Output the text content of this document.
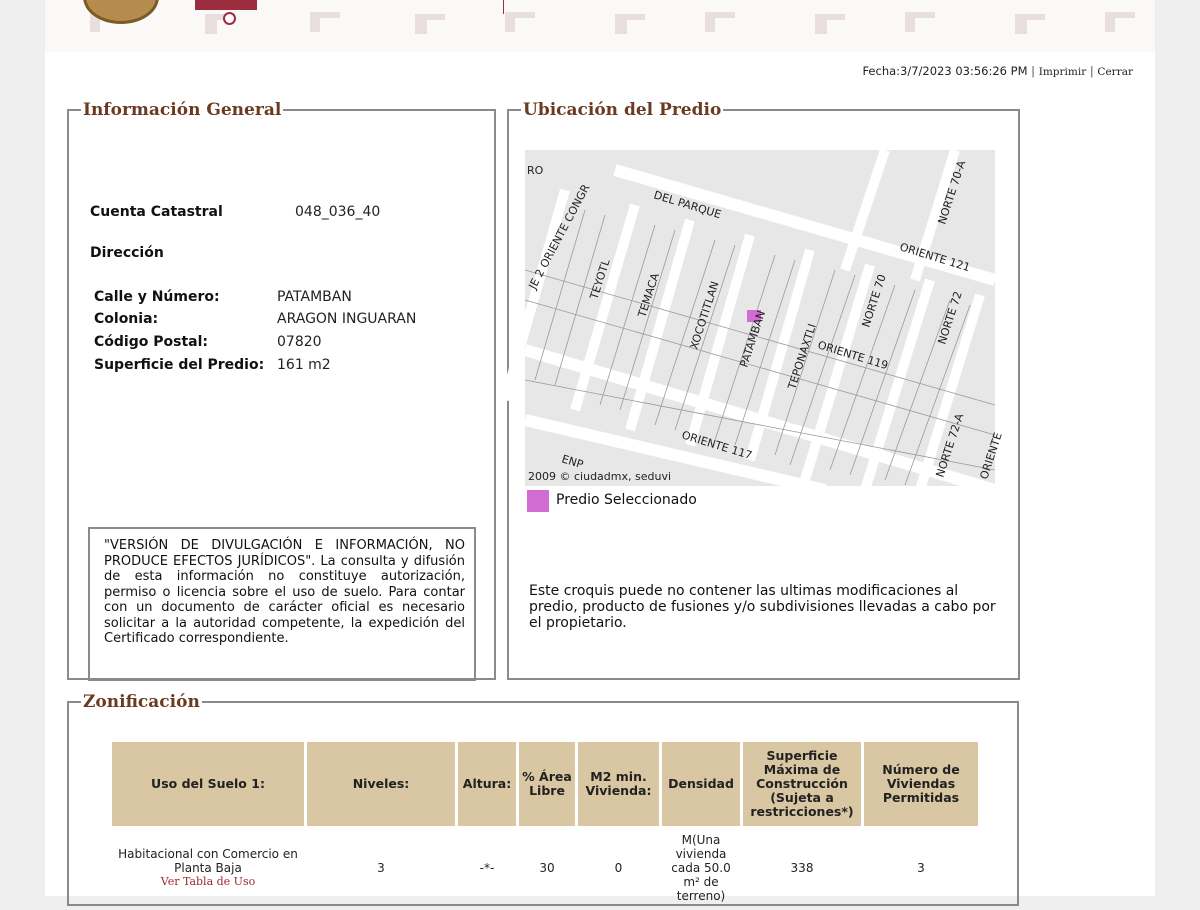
Fecha:3/7/2023 03:56:26 PM | Imprimir | Cerrar
Información General
Cuenta Catastral	048_036_40
Dirección
Calle y Número:	PATAMBAN
Colonia:	ARAGON INGUARAN
Código Postal:	07820
Superficie del Predio: 161 m2
"VERSIÓN DE DIVULGACIÓN E INFORMACIÓN, NO PRODUCE EFECTOS JURÍDICOS". La consulta y difusión de esta información no constituye autorización, permiso o licencia sobre el uso de suelo. Para contar con un documento de carácter oficial es necesario solicitar a la autoridad competente, la expedición del Certificado correspondiente.
Ubicación del Predio
RO
JE 2 ORIENTE CONGR	DEL PARQUE
TEYOTL TEMACA XOCOTITLAN PATAMBAN TEPONAXTLI
NORTE 70
NORTE 70-A
ORIENTE 121
NORTE 72
ORIENTE 119
ORIENTE 117	NORTE 72-A ORIENTE
ENP
2009 © ciudadmx, seduvi
Predio Seleccionado
Este croquis puede no contener las ultimas modificaciones al predio, producto de fusiones y/o subdivisiones llevadas a cabo por el propietario.
Zonificación
Uso del Suelo 1:	Niveles:	Altura:	% Área Libre	M2 min. Vivienda:	Densidad	Superficie Máxima de Construcción (Sujeta a restricciones*)	Número de Viviendas Permitidas

Habitacional con Comercio en Planta Baja
Ver Tabla de Uso	3	-*-	30	0	M(Una vivienda cada 50.0 m² de terreno)	338	3
